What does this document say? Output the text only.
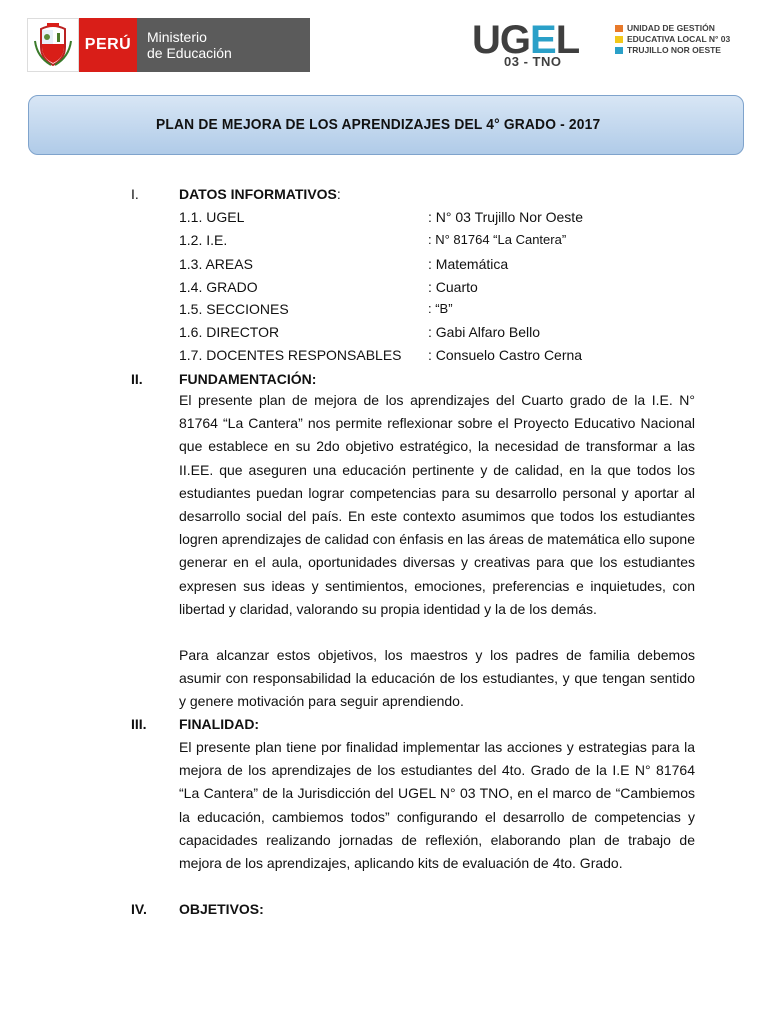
PERÚ Ministerio
de Educación	UGEL
03 - TNO
UNIDAD DE GESTIÓN
EDUCATIVA LOCAL N° 03
TRUJILLO NOR OESTE
PLAN DE MEJORA DE LOS APRENDIZAJES DEL 4° GRADO - 2017
I.	DATOS INFORMATIVOS:
1.1. UGEL	: N° 03 Trujillo Nor Oeste
1.2. I.E.	: N° 81764 “La Cantera”
1.3. AREAS	: Matemática
1.4. GRADO	: Cuarto
1.5. SECCIONES	: “B”
1.6. DIRECTOR	: Gabi Alfaro Bello
1.7. DOCENTES RESPONSABLES : Consuelo Castro Cerna
II.	FUNDAMENTACIÓN:

El presente plan de mejora de los aprendizajes del Cuarto grado de la I.E. N° 81764 “La Cantera” nos permite reflexionar sobre el Proyecto Educativo Nacional que establece en su 2do objetivo estratégico, la necesidad de transformar a las II.EE. que aseguren una educación pertinente y de calidad, en la que todos los estudiantes puedan lograr competencias para su desarrollo personal y aportar al desarrollo social del país. En este contexto asumimos que todos los estudiantes logren aprendizajes de calidad con énfasis en las áreas de matemática ello supone generar en el aula, oportunidades diversas y creativas para que los estudiantes expresen sus ideas y sentimientos, emociones, preferencias e inquietudes, con libertad y claridad, valorando su propia identidad y la de los demás.

Para alcanzar estos objetivos, los maestros y los padres de familia debemos asumir con responsabilidad la educación de los estudiantes, y que tengan sentido y genere motivación para seguir aprendiendo.

III. FINALIDAD:

El presente plan tiene por finalidad implementar las acciones y estrategias para la mejora de los aprendizajes de los estudiantes del 4to. Grado de la I.E N° 81764 “La Cantera” de la Jurisdicción del UGEL N° 03 TNO, en el marco de “Cambiemos la educación, cambiemos todos” configurando el desarrollo de competencias y capacidades realizando jornadas de reflexión, elaborando plan de trabajo de mejora de los aprendizajes, aplicando kits de evaluación de 4to. Grado.

IV. OBJETIVOS:
